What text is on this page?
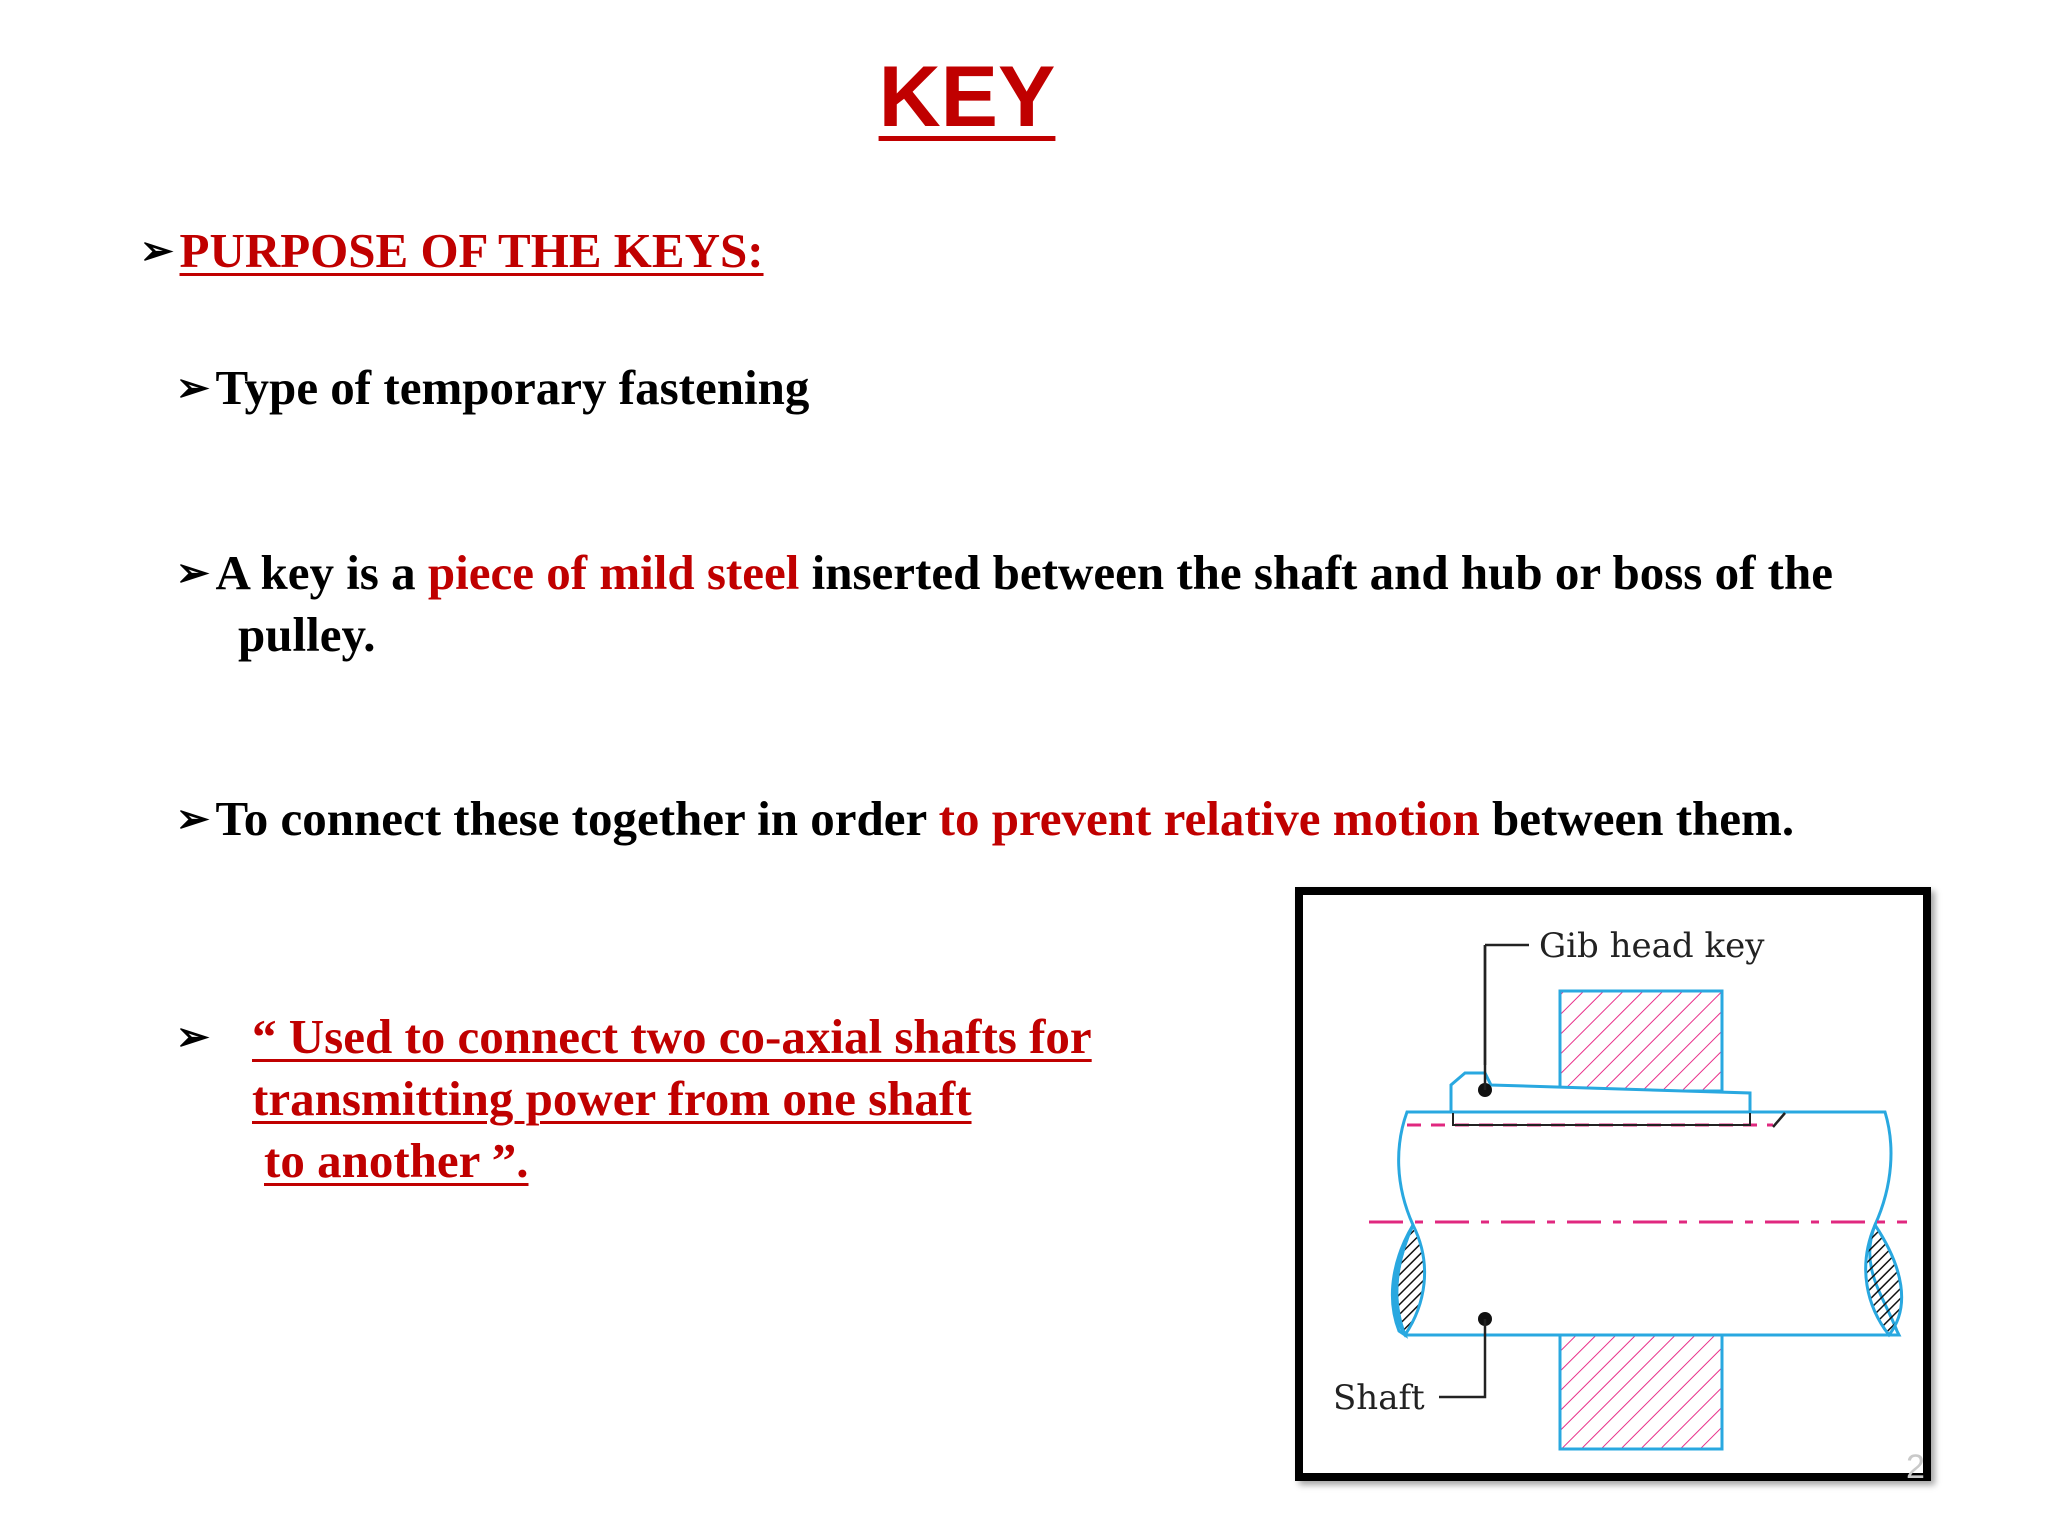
KEY
➢ PURPOSE OF THE KEYS:
➢ Type of temporary fastening
➢ A key is a piece of mild steel inserted between the shaft and hub or boss of the
pulley.
➢ To connect these together in order to prevent relative motion between them.
➢ “ Used to connect two co-axial shafts for
transmitting power from one shaft
to another ”.
Gib head key
Shaft
2
